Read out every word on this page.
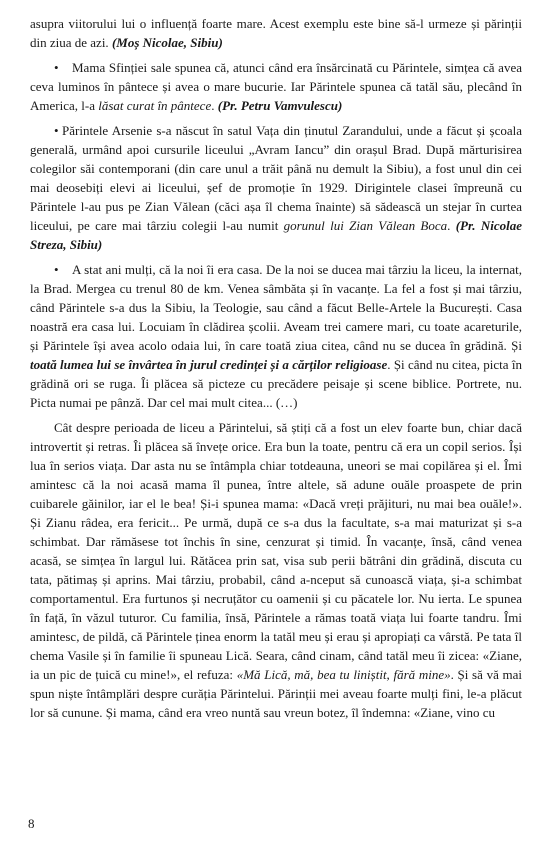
asupra viitorului lui o influență foarte mare. Acest exemplu este bine să-l urmeze și părinții din ziua de azi. (Moș Nicolae, Sibiu)

• Mama Sfinției sale spunea că, atunci când era însărcinată cu Părintele, simțea că avea ceva luminos în pântece și avea o mare bucurie. Iar Părintele spunea că tatăl său, plecând în America, l-a lăsat curat în pântece. (Pr. Petru Vamvulescu)

• Părintele Arsenie s-a născut în satul Vața din ținutul Zarandului, unde a făcut și școala generală, urmând apoi cursurile liceului „Avram Iancu” din orașul Brad. După mărturisirea colegilor săi contemporani (din care unul a trăit până nu demult la Sibiu), a fost unul din cei mai deosebiți elevi ai liceului, șef de promoție în 1929. Dirigintele clasei împreună cu Părintele l-au pus pe Zian Vălean (căci așa îl chema înainte) să sădească un stejar în curtea liceului, pe care mai târziu colegii l-au numit gorunul lui Zian Vălean Boca. (Pr. Nicolae Streza, Sibiu)

• A stat ani mulți, că la noi îi era casa. De la noi se ducea mai târziu la liceu, la internat, la Brad. Mergea cu trenul 80 de km. Venea sâmbăta și în vacanțe. La fel a fost și mai târziu, când Părintele s-a dus la Sibiu, la Teologie, sau când a făcut Belle-Artele la București. Casa noastră era casa lui. Locuiam în clădirea școlii. Aveam trei camere mari, cu toate acareturile, și Părintele își avea acolo odaia lui, în care toată ziua citea, când nu se ducea în grădină. Și toată lumea lui se învârtea în jurul credinței și a cărților religioase. Și când nu citea, picta în grădină ori se ruga. Îi plăcea să picteze cu precădere peisaje și scene biblice. Portrete, nu. Picta numai pe pânză. Dar cel mai mult citea... (…)

Cât despre perioada de liceu a Părintelui, să știți că a fost un elev foarte bun, chiar dacă introvertit și retras. Îi plăcea să învețe orice. Era bun la toate, pentru că era un copil serios. Își lua în serios viața. Dar asta nu se întâmpla chiar totdeauna, uneori se mai copilărea și el. Îmi amintesc că la noi acasă mama îl punea, între altele, să adune ouăle proaspete de prin cuibarele găinilor, iar el le bea! Și-i spunea mama: «Dacă vreți prăjituri, nu mai bea ouăle!». Și Zianu râdea, era fericit... Pe urmă, după ce s-a dus la facultate, s-a mai maturizat și s-a schimbat. Dar rămăsese tot închis în sine, cenzurat și timid. În vacanțe, însă, când venea acasă, se simțea în largul lui. Rătăcea prin sat, visa sub perii bătrâni din grădină, discuta cu tata, pătimaș și aprins. Mai târziu, probabil, când a-nceput să cunoască viața, și-a schimbat comportamentul. Era furtunos și necruțător cu oamenii și cu păcatele lor. Nu ierta. Le spunea în față, în văzul tuturor. Cu familia, însă, Părintele a rămas toată viața lui foarte tandru. Îmi amintesc, de pildă, că Părintele ținea enorm la tatăl meu și erau și apropiați ca vârstă. Pe tata îl chema Vasile și în familie îi spuneau Lică. Seara, când cinam, când tatăl meu îi zicea: «Ziane, ia un pic de țuică cu mine!», el refuza: «Mă Lică, mă, bea tu liniștit, fără mine». Și să vă mai spun niște întâmplări despre curăția Părintelui. Părinții mei aveau foarte mulți fini, le-a plăcut lor să cunune. Și mama, când era vreo nuntă sau vreun botez, îl îndemna: «Ziane, vino cu

8
